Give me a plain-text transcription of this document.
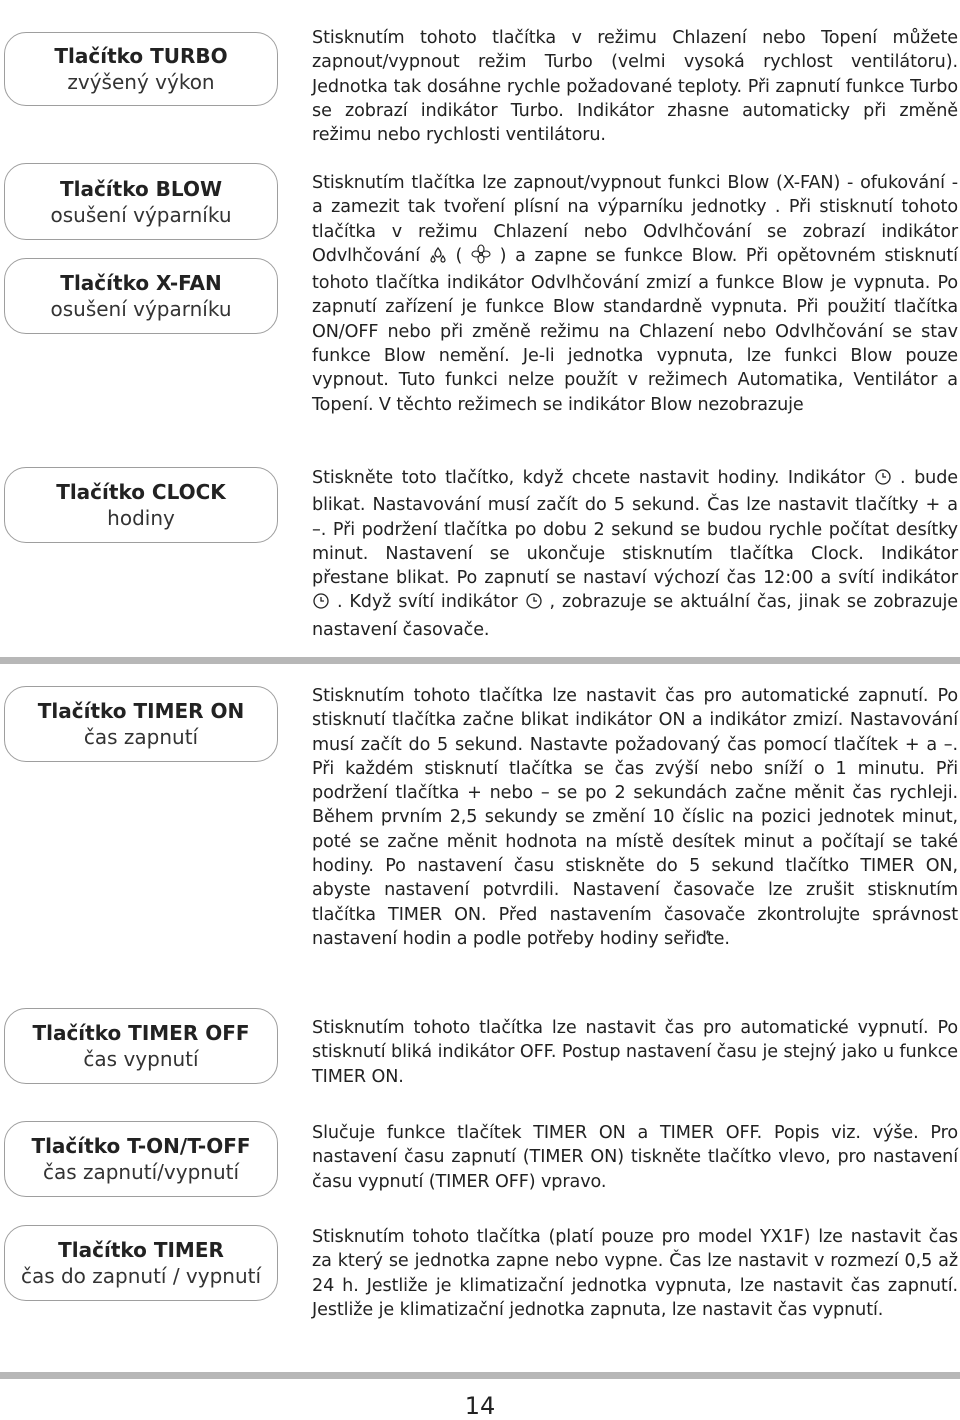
Tlačítko TURBO
zvýšený výkon
Tlačítko BLOW
osušení výparníku
Tlačítko X-FAN
osušení výparníku
Tlačítko CLOCK
hodiny
Tlačítko TIMER ON
čas zapnutí
Tlačítko TIMER OFF
čas vypnutí
Tlačítko T-ON/T-OFF
čas zapnutí/vypnutí
Tlačítko TIMER
čas do zapnutí / vypnutí
Stisknutím tohoto tlačítka v režimu Chlazení nebo Topení můžete zapnout/vypnout režim Turbo (velmi vysoká rychlost ventilátoru). Jednotka tak dosáhne rychle požadované teploty. Při zapnutí funkce Turbo se zobrazí indikátor Turbo. Indikátor zhasne automaticky při změně režimu nebo rychlosti ventilátoru.
Stisknutím tlačítka lze zapnout/vypnout funkci Blow (X-FAN) - ofukování - a zamezit tak tvoření plísní na výparníku jednotky . Při stisknutí tohoto tlačítka v režimu Chlazení nebo Odvlhčování se zobrazí indikátor Odvlhčování ( ) a zapne se funkce Blow. Při opětovném stisknutí tohoto tlačítka indikátor Odvlhčování zmizí a funkce Blow je vypnuta. Po zapnutí zařízení je funkce Blow standardně vypnuta. Při použití tlačítka ON/OFF nebo při změně režimu na Chlazení nebo Odvlhčování se stav funkce Blow nemění. Je-li jednotka vypnuta, lze funkci Blow pouze vypnout. Tuto funkci nelze použít v režimech Automatika, Ventilátor a Topení. V těchto režimech se indikátor Blow nezobrazuje
Stiskněte toto tlačítko, když chcete nastavit hodiny. Indikátor . bude blikat. Nastavování musí začít do 5 sekund. Čas lze nastavit tlačítky + a –. Při podržení tlačítka po dobu 2 sekund se budou rychle počítat desítky minut. Nastavení se ukončuje stisknutím tlačítka Clock. Indikátor přestane blikat. Po zapnutí se nastaví výchozí čas 12:00 a svítí indikátor  . Když svítí indikátor , zobrazuje se aktuální čas, jinak se zobrazuje nastavení časovače.
Stisknutím tohoto tlačítka lze nastavit čas pro automatické zapnutí. Po stisknutí tlačítka začne blikat indikátor ON a indikátor zmizí. Nastavování musí začít do 5 sekund. Nastavte požadovaný čas pomocí tlačítek + a –. Při každém stisknutí tlačítka se čas zvýší nebo sníží o 1 minutu. Při podržení tlačítka + nebo – se po 2 sekundách začne měnit čas rychleji. Během prvním 2,5 sekundy se změní 10 číslic na pozici jednotek minut, poté se začne měnit hodnota na místě desítek minut a počítají se také hodiny. Po nastavení času stiskněte do 5 sekund tlačítko TIMER ON, abyste nastavení potvrdili. Nastavení časovače lze zrušit stisknutím tlačítka TIMER ON. Před nastavením časovače zkontrolujte správnost nastavení hodin a podle potřeby hodiny seřiďte.
Stisknutím tohoto tlačítka lze nastavit čas pro automatické vypnutí. Po stisknutí bliká indikátor OFF. Postup nastavení času je stejný jako u funkce TIMER ON.
Slučuje funkce tlačítek TIMER ON a TIMER OFF. Popis viz. výše. Pro nastavení času zapnutí (TIMER ON) tiskněte tlačítko vlevo, pro nastavení času vypnutí (TIMER OFF) vpravo.
Stisknutím tohoto tlačítka (platí pouze pro model YX1F) lze nastavit čas za který se jednotka zapne nebo vypne. Čas lze nastavit v rozmezí 0,5 až 24 h. Jestliže je klimatizační jednotka vypnuta, lze nastavit čas zapnutí. Jestliže je klimatizační jednotka zapnuta, lze nastavit čas vypnutí.
14
